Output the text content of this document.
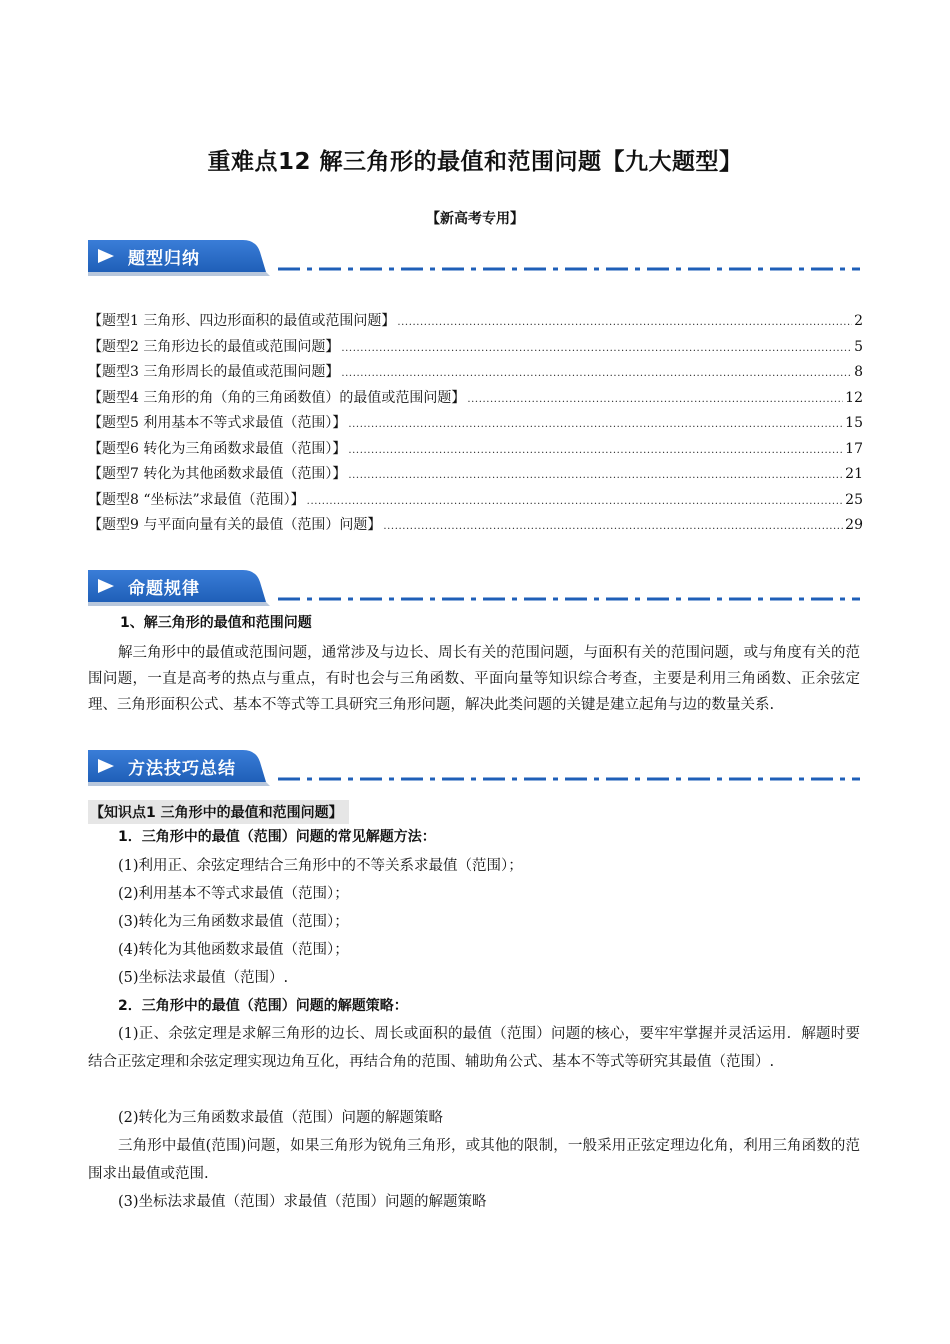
重难点12 解三角形的最值和范围问题【九大题型】
【新高考专用】
题型归纳
【题型1 三角形、四边形面积的最值或范围问题】 .....	2
【题型2 三角形边长的最值或范围问题】 .....	5
【题型3 三角形周长的最值或范围问题】 .....	8
【题型4 三角形的角（角的三角函数值）的最值或范围问题】 .....	12
【题型5 利用基本不等式求最值（范围）】 .....	15
【题型6 转化为三角函数求最值（范围）】 .....	17
【题型7 转化为其他函数求最值（范围）】 .....	21
【题型8 “坐标法”求最值（范围）】 .....	25
【题型9 与平面向量有关的最值（范围）问题】 .....	29
命题规律
1、解三角形的最值和范围问题
解三角形中的最值或范围问题，通常涉及与边长、周长有关的范围问题，与面积有关的范围问题，或与角度有关的范围问题，一直是高考的热点与重点，有时也会与三角函数、平面向量等知识综合考查，主要是利用三角函数、正余弦定理、三角形面积公式、基本不等式等工具研究三角形问题，解决此类问题的关键是建立起角与边的数量关系.
方法技巧总结
【知识点1 三角形中的最值和范围问题】
1．三角形中的最值（范围）问题的常见解题方法：
(1)利用正、余弦定理结合三角形中的不等关系求最值（范围）；
(2)利用基本不等式求最值（范围）；
(3)转化为三角函数求最值（范围）；
(4)转化为其他函数求最值（范围）；
(5)坐标法求最值（范围）.
2．三角形中的最值（范围）问题的解题策略：
(1)正、余弦定理是求解三角形的边长、周长或面积的最值（范围）问题的核心，要牢牢掌握并灵活运用．解题时要结合正弦定理和余弦定理实现边角互化，再结合角的范围、辅助角公式、基本不等式等研究其最值（范围）.
(2)转化为三角函数求最值（范围）问题的解题策略
三角形中最值(范围)问题，如果三角形为锐角三角形，或其他的限制，一般采用正弦定理边化角，利用三角函数的范围求出最值或范围.
(3)坐标法求最值（范围）求最值（范围）问题的解题策略
